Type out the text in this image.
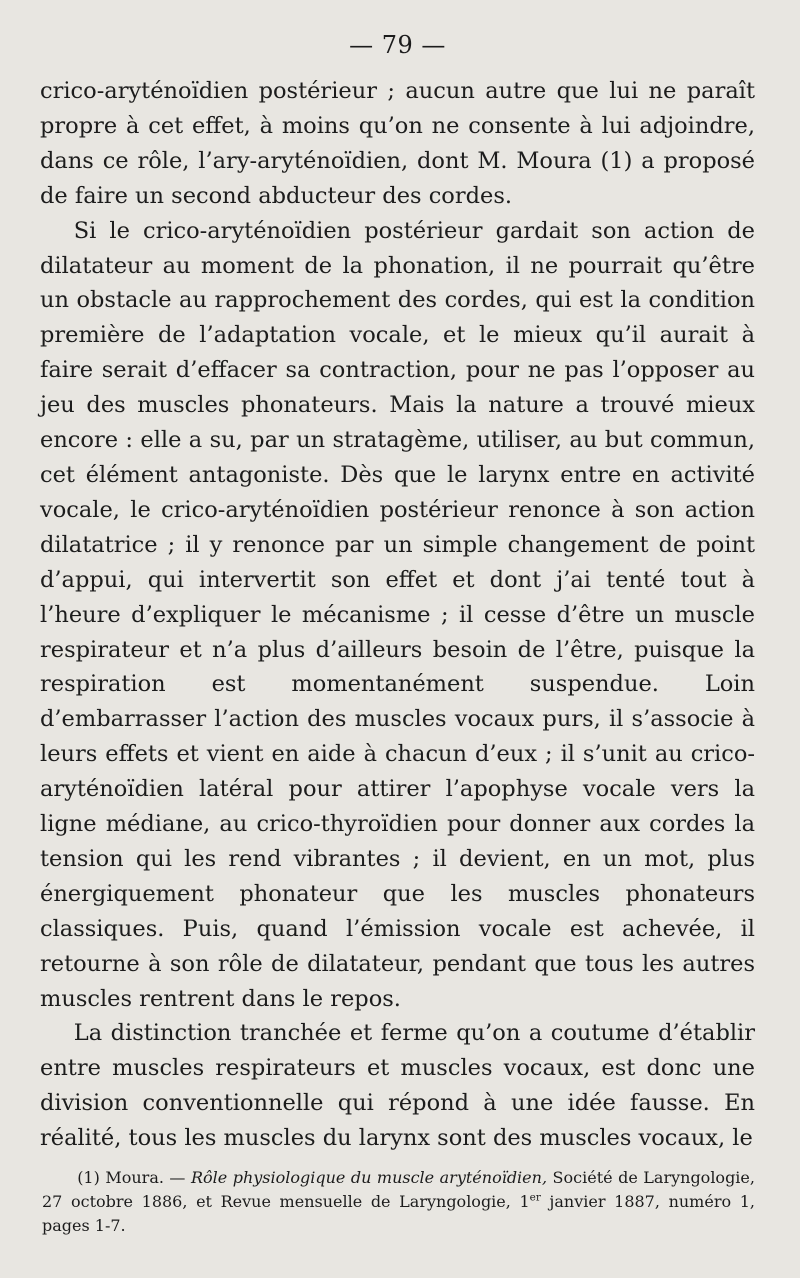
— 79 —

crico-aryténoïdien postérieur ; aucun autre que lui ne paraît propre à cet effet, à moins qu’on ne consente à lui adjoindre, dans ce rôle, l’ary-aryténoïdien, dont M. Moura (1) a proposé de faire un second abducteur des cordes.

Si le crico-aryténoïdien postérieur gardait son action de dilatateur au moment de la phonation, il ne pourrait qu’être un obstacle au rapprochement des cordes, qui est la condition première de l’adaptation vocale, et le mieux qu’il aurait à faire serait d’effacer sa contraction, pour ne pas l’opposer au jeu des muscles phonateurs. Mais la nature a trouvé mieux encore : elle a su, par un stratagème, utiliser, au but commun, cet élément antagoniste. Dès que le larynx entre en activité vocale, le crico-aryténoïdien postérieur renonce à son action dilatatrice ; il y renonce par un simple changement de point d’appui, qui intervertit son effet et dont j’ai tenté tout à l’heure d’expliquer le mécanisme ; il cesse d’être un muscle respirateur et n’a plus d’ailleurs besoin de l’être, puisque la respiration est momentanément suspendue. Loin d’embarrasser l’action des muscles vocaux purs, il s’associe à leurs effets et vient en aide à chacun d’eux ; il s’unit au crico-aryténoïdien latéral pour attirer l’apophyse vocale vers la ligne médiane, au crico-thyroïdien pour donner aux cordes la tension qui les rend vibrantes ; il devient, en un mot, plus énergiquement phonateur que les muscles phonateurs classiques. Puis, quand l’émission vocale est achevée, il retourne à son rôle de dilatateur, pendant que tous les autres muscles rentrent dans le repos.

La distinction tranchée et ferme qu’on a coutume d’établir entre muscles respirateurs et muscles vocaux, est donc une division conventionnelle qui répond à une idée fausse. En réalité, tous les muscles du larynx sont des muscles vocaux, le

(1) Moura. — Rôle physiologique du muscle aryténoïdien, Société de Laryngologie, 27 octobre 1886, et Revue mensuelle de Laryngologie, 1er janvier 1887, numéro 1, pages 1-7.
